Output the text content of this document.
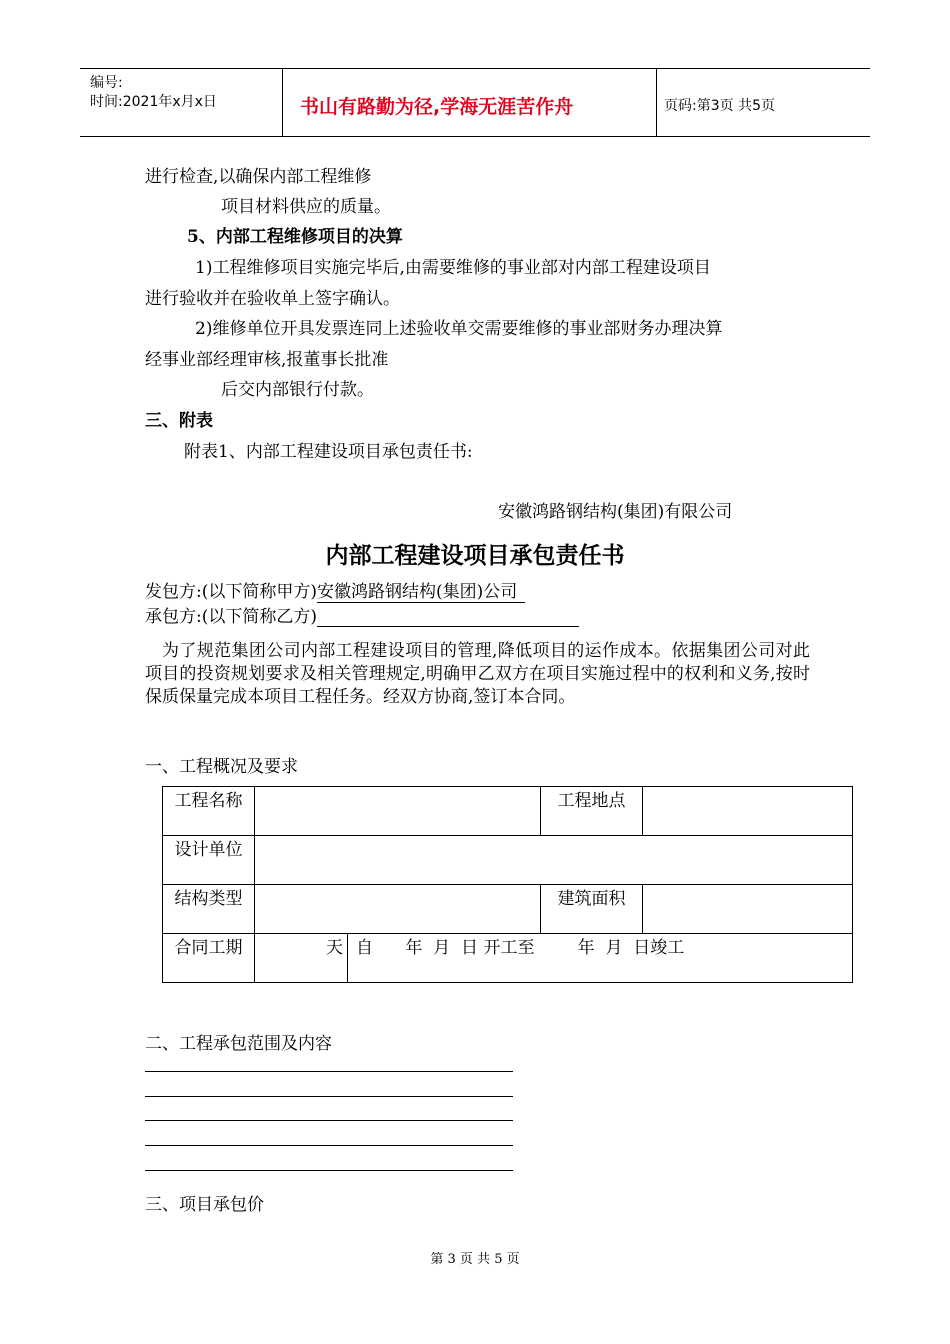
编号:
时间:2021年x月x日	书山有路勤为径,学海无涯苦作舟	页码:第3页 共5页
进行检查,以确保内部工程维修
项目材料供应的质量。
5、内部工程维修项目的决算
1)工程维修项目实施完毕后,由需要维修的事业部对内部工程建设项目
进行验收并在验收单上签字确认。
2)维修单位开具发票连同上述验收单交需要维修的事业部财务办理决算
经事业部经理审核,报董事长批准
后交内部银行付款。
三、附表
附表1、内部工程建设项目承包责任书:
安徽鸿路钢结构(集团)有限公司
内部工程建设项目承包责任书
发包方:(以下简称甲方)安徽鸿路钢结构(集团)公司
承包方:(以下简称乙方)
为了规范集团公司内部工程建设项目的管理,降低项目的运作成本。依据集团公司对此项目的投资规划要求及相关管理规定,明确甲乙双方在项目实施过程中的权利和义务,按时保质保量完成本项目工程任务。经双方协商,签订本合同。
一、工程概况及要求
工程名称			工程地点	
设计单位				
结构类型			建筑面积	
合同工期	天	自      年  月  日 开工至        年  月  日竣工		
二、工程承包范围及内容
三、项目承包价
第 3 页 共 5 页
